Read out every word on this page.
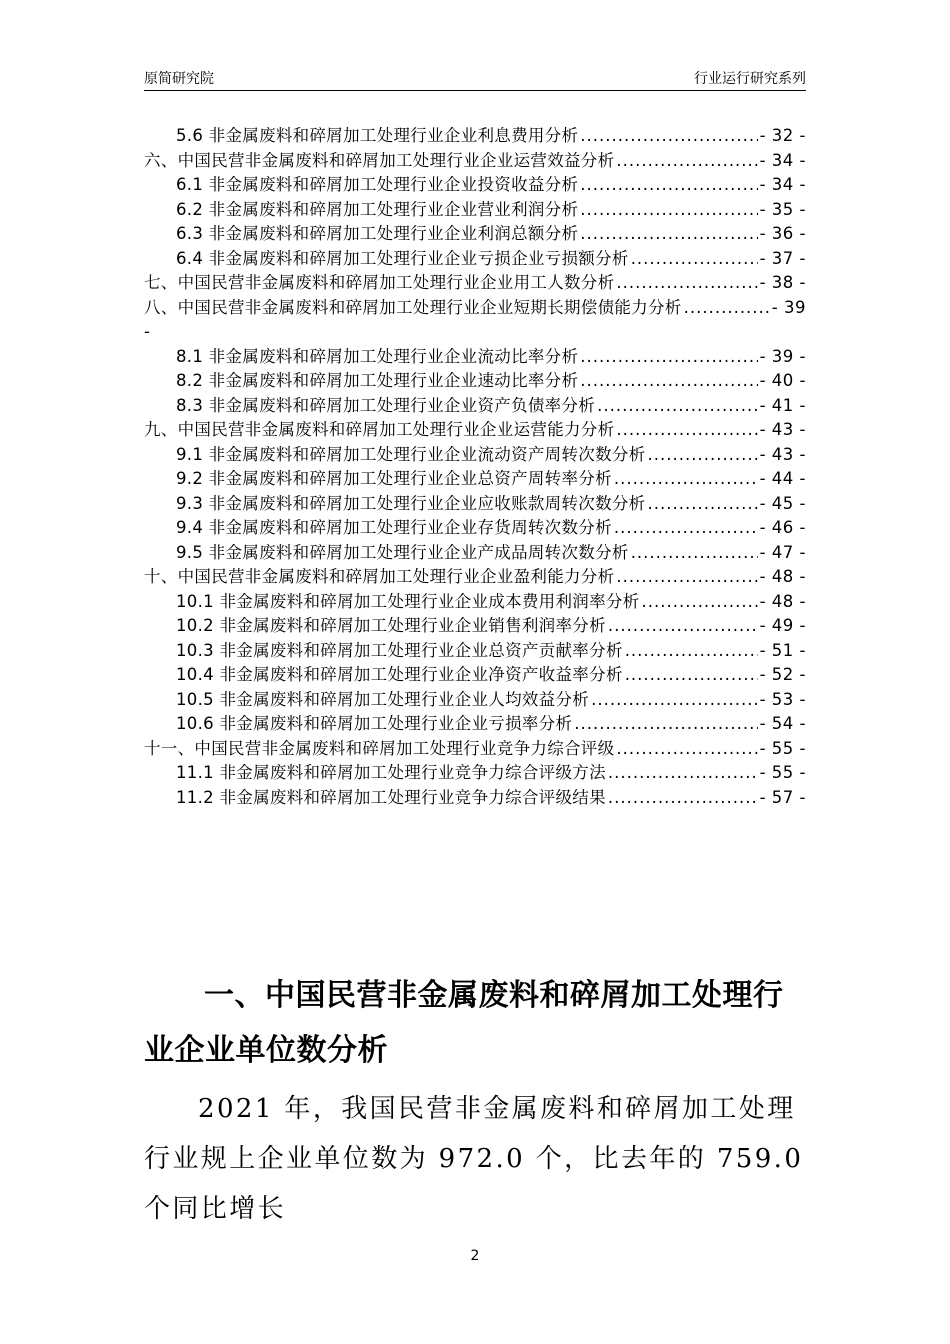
原简研究院	行业运行研究系列
5.6 非金属废料和碎屑加工处理行业企业利息费用分析 .....	- 32 -
六、中国民营非金属废料和碎屑加工处理行业企业运营效益分析 .....	- 34 -
6.1 非金属废料和碎屑加工处理行业企业投资收益分析 .....	- 34 -
6.2 非金属废料和碎屑加工处理行业企业营业利润分析 .....	- 35 -
6.3 非金属废料和碎屑加工处理行业企业利润总额分析 .....	- 36 -
6.4 非金属废料和碎屑加工处理行业企业亏损企业亏损额分析 .....	- 37 -
七、中国民营非金属废料和碎屑加工处理行业企业用工人数分析 .....	- 38 -
八、中国民营非金属废料和碎屑加工处理行业企业短期长期偿债能力分析 .....	- 39
-
8.1 非金属废料和碎屑加工处理行业企业流动比率分析 .....	- 39 -
8.2 非金属废料和碎屑加工处理行业企业速动比率分析 .....	- 40 -
8.3 非金属废料和碎屑加工处理行业企业资产负债率分析 .....	- 41 -
九、中国民营非金属废料和碎屑加工处理行业企业运营能力分析 .....	- 43 -
9.1 非金属废料和碎屑加工处理行业企业流动资产周转次数分析 .....	- 43 -
9.2 非金属废料和碎屑加工处理行业企业总资产周转率分析 .....	- 44 -
9.3 非金属废料和碎屑加工处理行业企业应收账款周转次数分析 .....	- 45 -
9.4 非金属废料和碎屑加工处理行业企业存货周转次数分析 .....	- 46 -
9.5 非金属废料和碎屑加工处理行业企业产成品周转次数分析 .....	- 47 -
十、中国民营非金属废料和碎屑加工处理行业企业盈利能力分析 .....	- 48 -
10.1 非金属废料和碎屑加工处理行业企业成本费用利润率分析 .....	- 48 -
10.2 非金属废料和碎屑加工处理行业企业销售利润率分析 .....	- 49 -
10.3 非金属废料和碎屑加工处理行业企业总资产贡献率分析 .....	- 51 -
10.4 非金属废料和碎屑加工处理行业企业净资产收益率分析 .....	- 52 -
10.5 非金属废料和碎屑加工处理行业企业人均效益分析 .....	- 53 -
10.6 非金属废料和碎屑加工处理行业企业亏损率分析 .....	- 54 -
十一、中国民营非金属废料和碎屑加工处理行业竞争力综合评级 .....	- 55 -
11.1 非金属废料和碎屑加工处理行业竞争力综合评级方法 .....	- 55 -
11.2 非金属废料和碎屑加工处理行业竞争力综合评级结果 .....	- 57 -
一、中国民营非金属废料和碎屑加工处理行业企业单位数分析

2021 年，我国民营非金属废料和碎屑加工处理行业规上企业单位数为 972.0 个，比去年的 759.0 个同比增长

2
